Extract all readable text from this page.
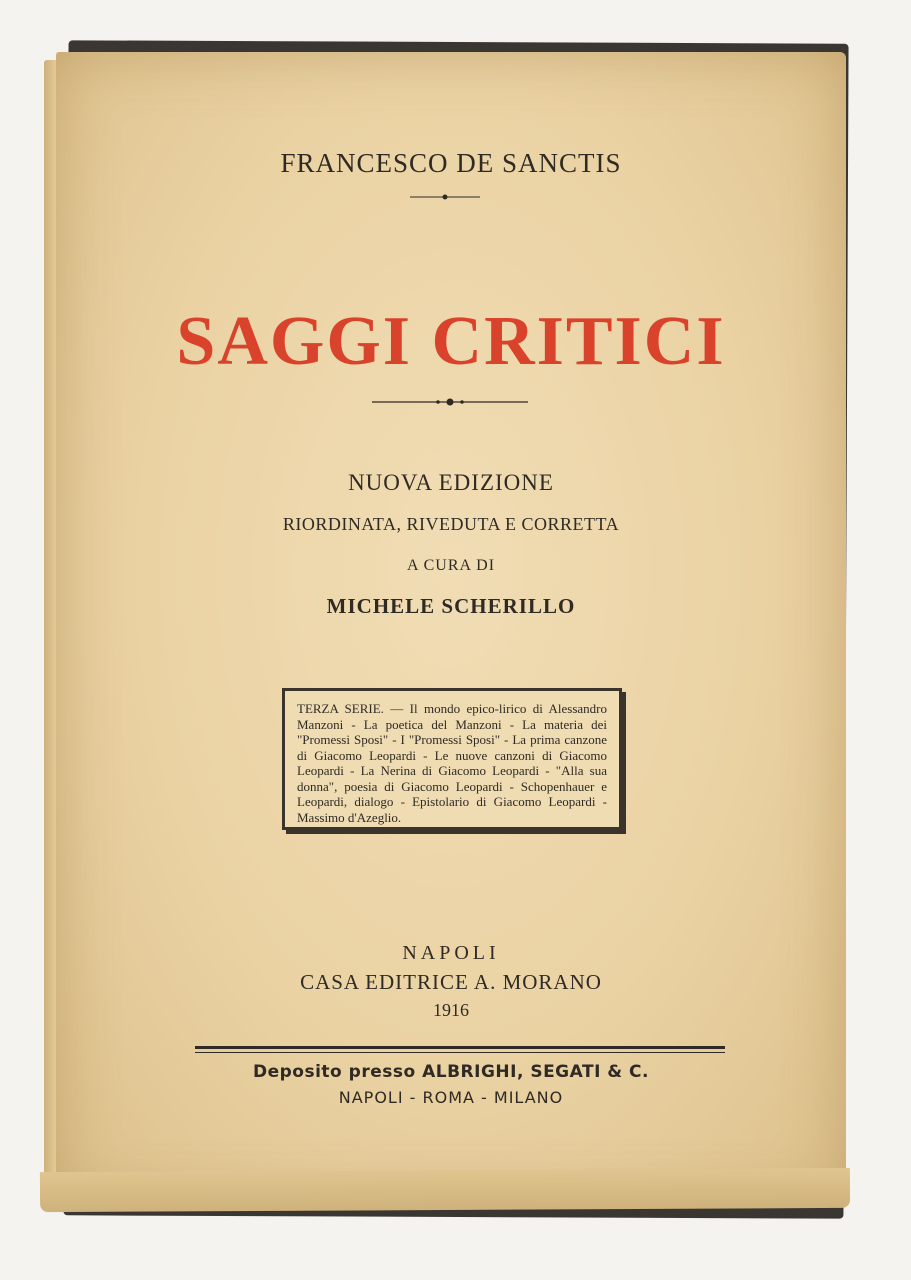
FRANCESCO DE SANCTIS
SAGGI CRITICI
NUOVA EDIZIONE
RIORDINATA, RIVEDUTA E CORRETTA
A CURA DI
MICHELE SCHERILLO
TERZA SERIE. — Il mondo epico-lirico di Alessandro Manzoni - La poetica del Manzoni - La materia dei "Promessi Sposi" - I "Promessi Sposi" - La prima canzone di Giacomo Leopardi - Le nuove canzoni di Giacomo Leopardi - La Nerina di Giacomo Leopardi - "Alla sua donna", poesia di Giacomo Leopardi - Schopenhauer e Leopardi, dialogo - Epistolario di Giacomo Leopardi - Massimo d'Azeglio.
NAPOLI
CASA EDITRICE A. MORANO
1916
Deposito presso ALBRIGHI, SEGATI & C.
NAPOLI - ROMA - MILANO
